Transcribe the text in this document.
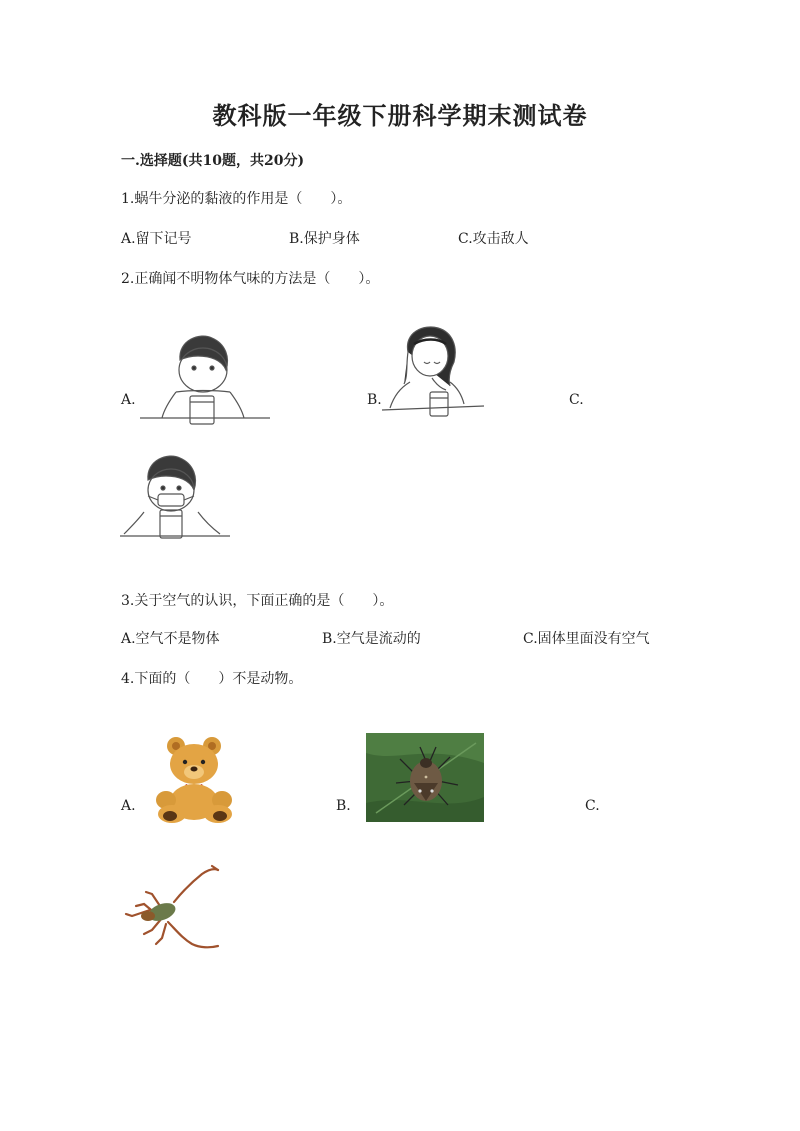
教科版一年级下册科学期末测试卷
一.选择题(共10题，共20分)
1.蜗牛分泌的黏液的作用是（　　）。
A.留下记号	B.保护身体	C.攻击敌人
2.正确闻不明物体气味的方法是（　　）。
A.	B.	C.
3.关于空气的认识，下面正确的是（　　）。
A.空气不是物体	B.空气是流动的	C.固体里面没有空气
4.下面的（　　）不是动物。
A.	B.	C.
